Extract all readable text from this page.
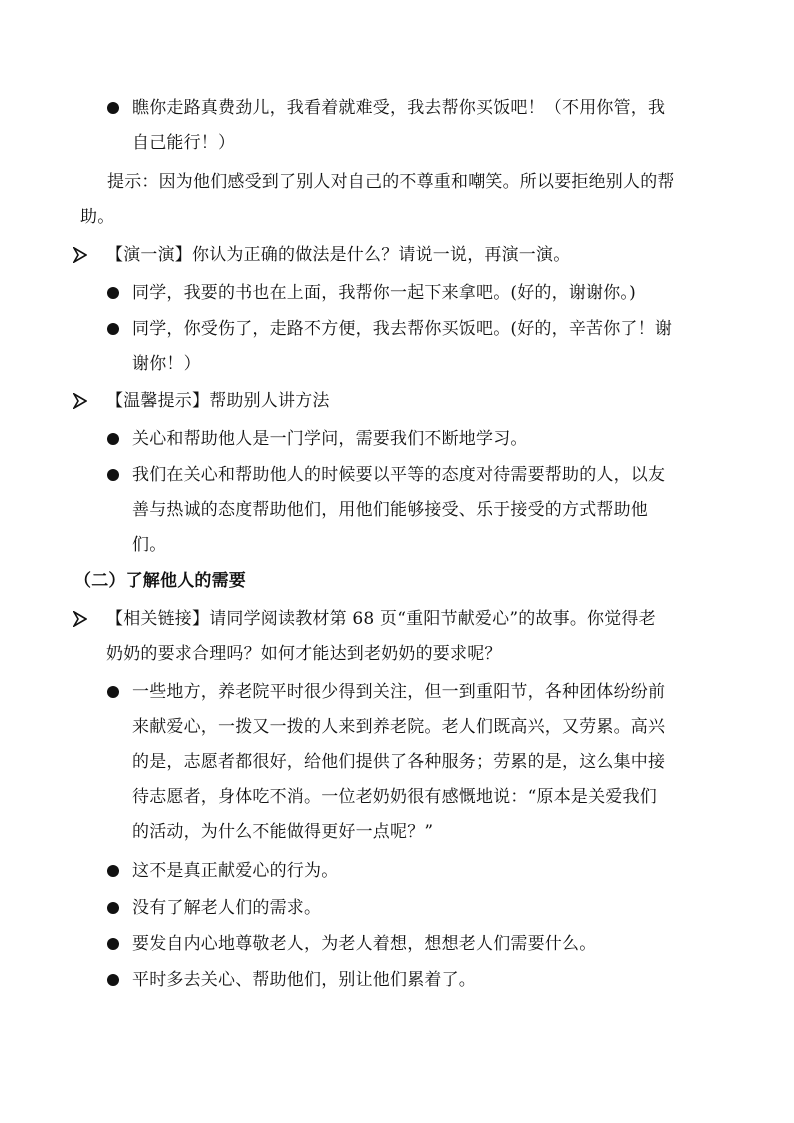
瞧你走路真费劲儿，我看着就难受，我去帮你买饭吧！（不用你管，我
自己能行！）
提示：因为他们感受到了别人对自己的不尊重和嘲笑。所以要拒绝别人的帮
助。
【演一演】你认为正确的做法是什么？请说一说，再演一演。
同学，我要的书也在上面，我帮你一起下来拿吧。(好的，谢谢你。)
同学，你受伤了，走路不方便，我去帮你买饭吧。(好的，辛苦你了！谢
谢你！）
【温馨提示】帮助别人讲方法
关心和帮助他人是一门学问，需要我们不断地学习。
我们在关心和帮助他人的时候要以平等的态度对待需要帮助的人，以友
善与热诚的态度帮助他们，用他们能够接受、乐于接受的方式帮助他
们。
（二）了解他人的需要
【相关链接】请同学阅读教材第 68 页“重阳节献爱心”的故事。你觉得老
奶奶的要求合理吗？如何才能达到老奶奶的要求呢？
一些地方，养老院平时很少得到关注，但一到重阳节，各种团体纷纷前
来献爱心，一拨又一拨的人来到养老院。老人们既高兴，又劳累。高兴
的是，志愿者都很好，给他们提供了各种服务；劳累的是，这么集中接
待志愿者，身体吃不消。一位老奶奶很有感慨地说：“原本是关爱我们
的活动，为什么不能做得更好一点呢？”
这不是真正献爱心的行为。
没有了解老人们的需求。
要发自内心地尊敬老人，为老人着想，想想老人们需要什么。
平时多去关心、帮助他们，别让他们累着了。
